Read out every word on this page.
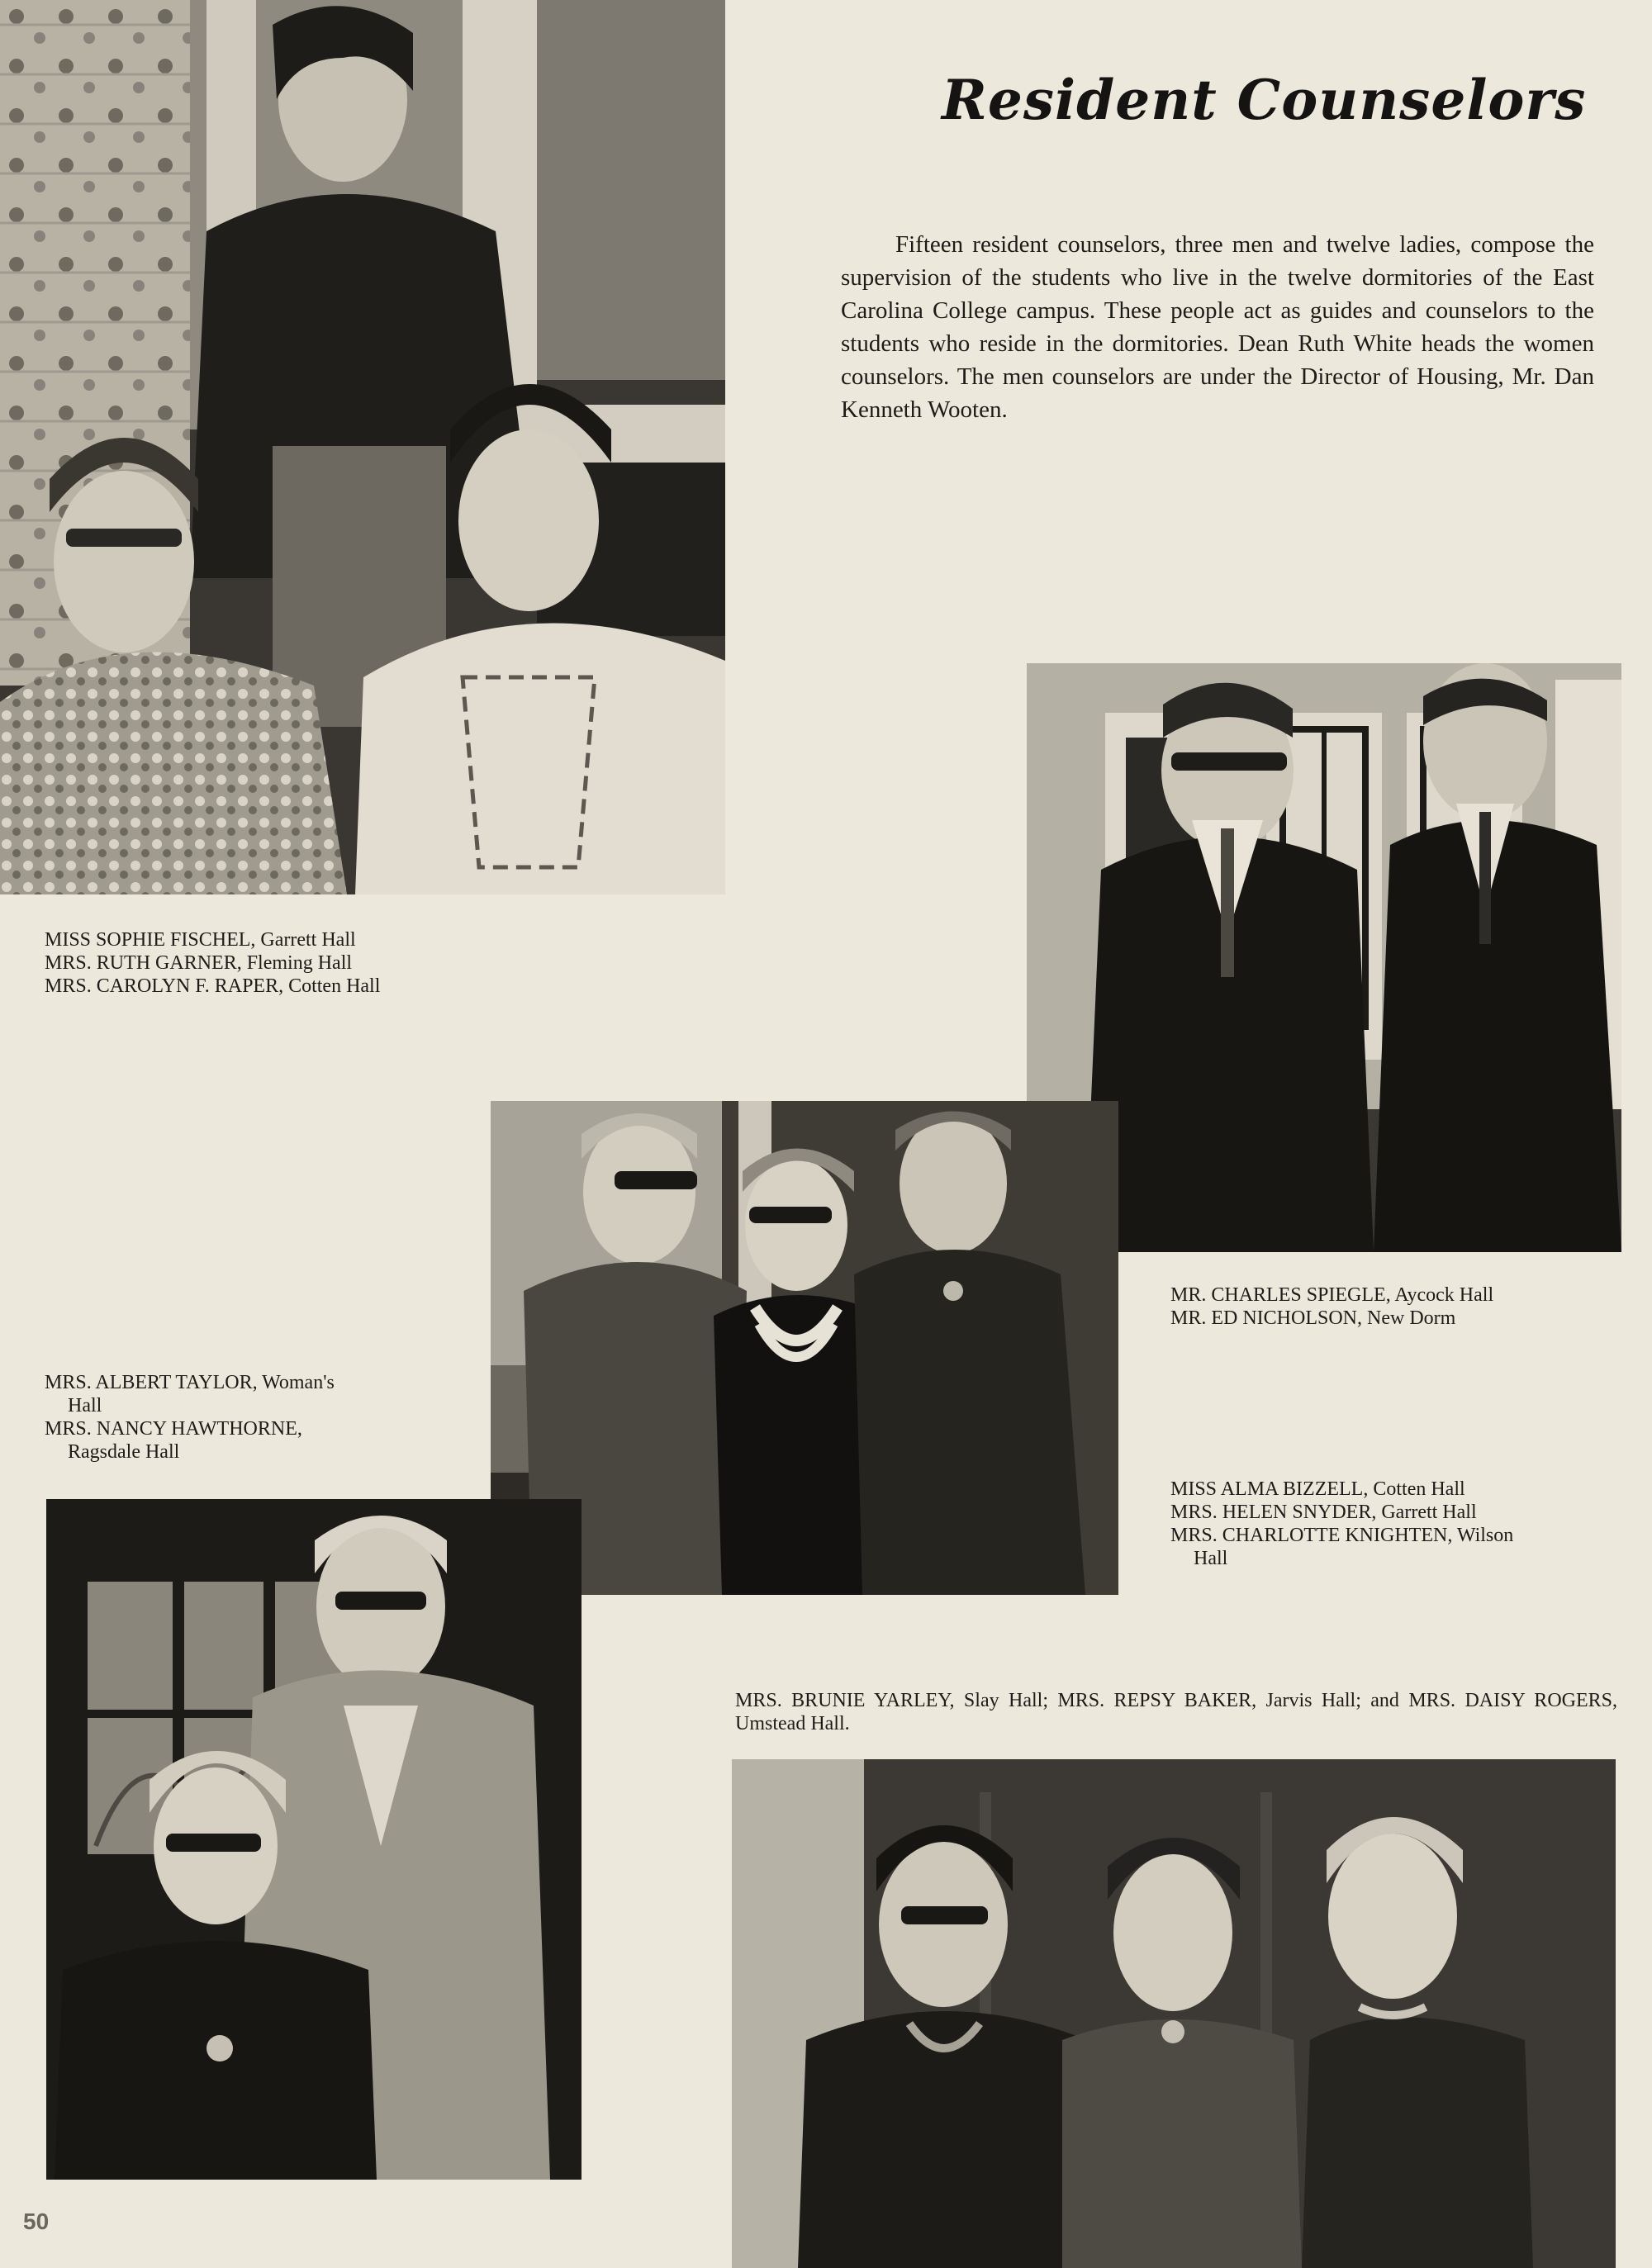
Resident Counselors

Fifteen resident counselors, three men and twelve ladies, compose the supervision of the students who live in the twelve dormitories of the East Carolina College campus. These people act as guides and counselors to the students who reside in the dormitories. Dean Ruth White heads the women counselors. The men counselors are under the Director of Housing, Mr. Dan Kenneth Wooten.

MISS SOPHIE FISCHEL, Garrett Hall
MRS. RUTH GARNER, Fleming Hall
MRS. CAROLYN F. RAPER, Cotten Hall
MR. CHARLES SPIEGLE, Aycock Hall
MR. ED NICHOLSON, New Dorm
MRS. ALBERT TAYLOR, Woman's
Hall
MRS. NANCY HAWTHORNE,
Ragsdale Hall
MISS ALMA BIZZELL, Cotten Hall
MRS. HELEN SNYDER, Garrett Hall
MRS. CHARLOTTE KNIGHTEN, Wilson
Hall
MRS. BRUNIE YARLEY, Slay Hall; MRS. REPSY BAKER, Jarvis Hall; and MRS. DAISY ROGERS, Umstead Hall.
50
